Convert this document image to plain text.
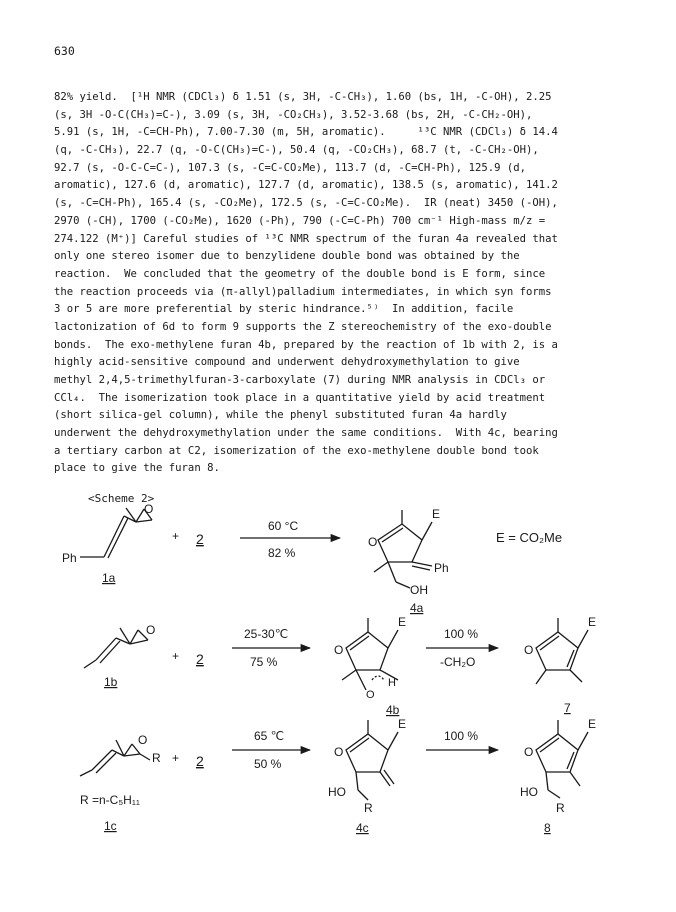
630
82% yield.  [¹H NMR (CDCl₃) δ 1.51 (s, 3H, -C-CH₃), 1.60 (bs, 1H, -C-OH), 2.25
(s, 3H -O-C(CH₃)=C-), 3.09 (s, 3H, -CO₂CH₃), 3.52-3.68 (bs, 2H, -C-CH₂-OH),
5.91 (s, 1H, -C=CH-Ph), 7.00-7.30 (m, 5H, aromatic).     ¹³C NMR (CDCl₃) δ 14.4
(q, -C-CH₃), 22.7 (q, -O-C(CH₃)=C-), 50.4 (q, -CO₂CH₃), 68.7 (t, -C-CH₂-OH),
92.7 (s, -O-C-C=C-), 107.3 (s, -C=C-CO₂Me), 113.7 (d, -C=CH-Ph), 125.9 (d,
aromatic), 127.6 (d, aromatic), 127.7 (d, aromatic), 138.5 (s, aromatic), 141.2
(s, -C=CH-Ph), 165.4 (s, -CO₂Me), 172.5 (s, -C=C-CO₂Me).  IR (neat) 3450 (-OH),
2970 (-CH), 1700 (-CO₂Me), 1620 (-Ph), 790 (-C=C-Ph) 700 cm⁻¹ High-mass m/z =
274.122 (M⁺)] Careful studies of ¹³C NMR spectrum of the furan 4a revealed that
only one stereo isomer due to benzylidene double bond was obtained by the
reaction.  We concluded that the geometry of the double bond is E form, since
the reaction proceeds via (π-allyl)palladium intermediates, in which syn forms
3 or 5 are more preferential by steric hindrance.⁵⁾  In addition, facile
lactonization of 6d to form 9 supports the Z stereochemistry of the exo-double
bonds.  The exo-methylene furan 4b, prepared by the reaction of 1b with 2, is a
highly acid-sensitive compound and underwent dehydroxymethylation to give
methyl 2,4,5-trimethylfuran-3-carboxylate (7) during NMR analysis in CDCl₃ or
CCl₄.  The isomerization took place in a quantitative yield by acid treatment
(short silica-gel column), while the phenyl substituted furan 4a hardly
underwent the dehydroxymethylation under the same conditions.  With 4c, bearing
a tertiary carbon at C2, isomerization of the exo-methylene double bond took
place to give the furan 8.
<Scheme 2>
O
Ph
1a
+ 2
60 °C
82 %
O
E
Ph
OH
4a
E = CO₂Me
O
1b
+ 2
25-30℃
75 %
O
O
E
H
4b
100 %
-CH₂O
O
E
7
O
R
R =n-C₅H₁₁
1c
+ 2
65 ℃
50 %
O
E
HO
R
4c
100 %
O
E
HO
R
8
